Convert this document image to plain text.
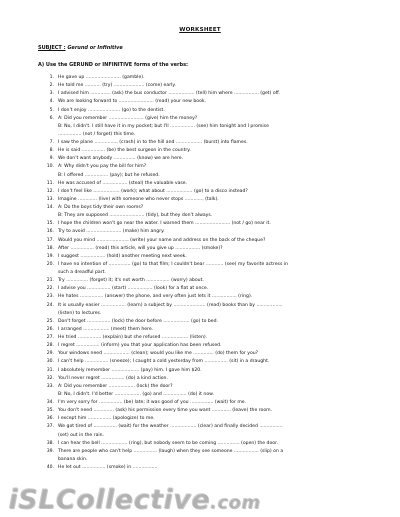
WORKSHEET
SUBJECT : Gerund or Infinitive
A) Use the GERUND or INFINITIVE forms of the verbs:
1. He gave up ........................ (gamble).
2. He told me ........... (try) ..................... (come) early.
3. I advised him .............. (ask) the bus conductor .................. (tell) him where ................. (get) off.
4. We are looking forward to ........................ (read) your new book.
5. I don't enjoy ...................... (go) to the dentist.
6. A: Did you remember ........................ (give) him the money?
B: No, I didn't. I still have it in my pocket; but I'll ................. (see) him tonight and I promise
................ (not / forget) this time.
7. I saw the plane ................ (crash) in to the hill and .................. (burst) into flames.
8. He is said ................ (be) the best surgeon in the country.
9. We don't want anybody ............... (know) we are here.
10. A: Why didn't you pay the bill for him?
B: I offered ................ (pay); but he refused.
11. He was accused of ................. (steal) the valuable vase.
12. I don't feel like .................. (work); what about .................. (go) to a disco instead?
13. Imagine ............. (live) with someone who never stops ............. (talk).
14. A: Do the boys tidy their own rooms?
B: They are supposed ........................ (tidy), but they don't always.
15. I hope the children won't go near the water. I warned them ........................ (not / go) near it.
16. Try to avoid ........................ (make) him angry.
17. Would you mind ...................... (write) your name and address on the back of the cheque?
18. After ................ (read) this article, will you give up ................. (smoke)?
19. I suggest ................. (hold) another meeting next week.
20. I have no intention of ............... (go) to that film; I couldn't bear ............ (see) my favorite actress in
such a dreadful part.
21. Try ............... (forget) it; it's not worth ................ (worry) about.
22. I advise you ................ (start) ................. (look) for a flat at once.
23. He hates ................ (answer) the phone, and very often just lets it ................. (ring).
24. It is usually easier ................. (learn) a subject by ...................... (read) books than by ..................
(listen) to lectures.
25. Don't forget ................ (lock) the door before .................. (go) to bed.
26. I arranged .................. (meet) them here.
27. He tried ................ (explain) but she refused .................. (listen).
28. I regret ................ (inform) you that your application has been refused.
29. Your windows need .................. (clean); would you like me .............. (do) them for you?
30. I can't help ................ (sneeze); I caught a cold yesterday from ................ (sit) in a draught.
31. I absolutely remember ................... (pay) him. I gave him $20.
32. You'll never regret ................ (do) a kind action.
33. A: Did you remember .................. (lock) the door?
B: No, I didn't. I'd better .................. (go) and ................ (do) it now.
34. I'm very sorry for ................ (be) late; it was good of you ................ (wait) for me.
35. You don't need .............. (ask) his permission every time you want ............. (leave) the room.
36. I except him ................ (apologize) to me.
37. We got tired of ................ (wait) for the weather .................. (clear) and finally decided ................
(set) out in the rain.
38. I can hear the bell .................. (ring), but nobody seem to be coming ............... (open) the door.
39. There are people who can't help ................ (laugh) when they see someone ................. (slip) on a
banana skin.
40. He let out ................ (smoke) in .................
iSLCollective.com
